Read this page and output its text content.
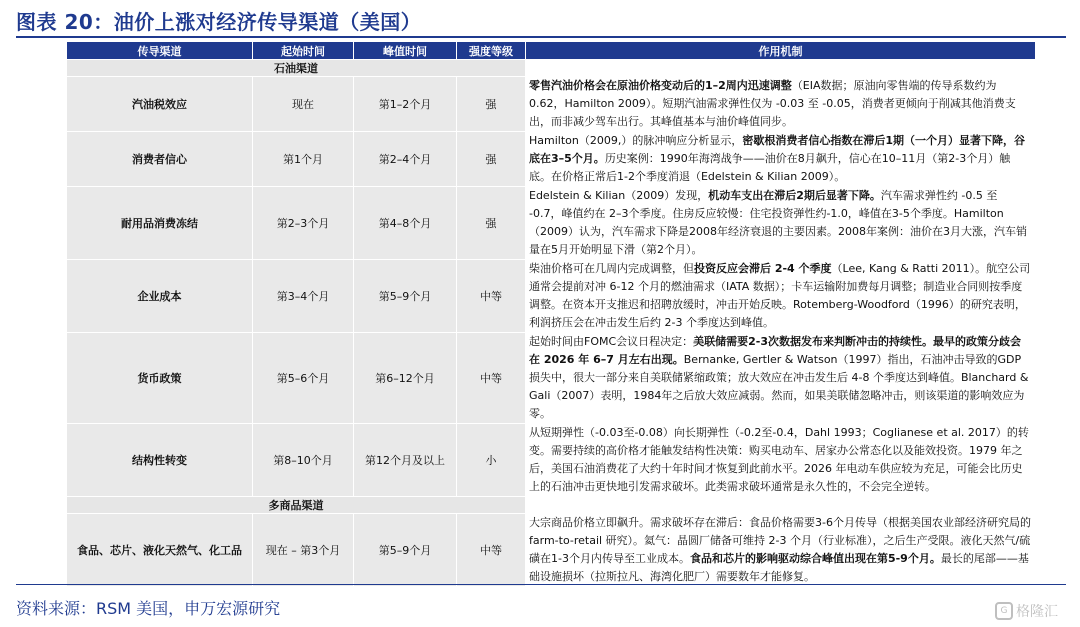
图表 20：油价上涨对经济传导渠道（美国）
传导渠道	起始时间	峰值时间	强度等级	作用机制
石油渠道				
汽油税效应	现在	第1–2个月	强	零售汽油价格会在原油价格变动后的1–2周内迅速调整（EIA数据；原油向零售端的传导系数约为0.62，Hamilton 2009）。短期汽油需求弹性仅为 -0.03 至 -0.05，消费者更倾向于削减其他消费支出，而非减少驾车出行。其峰值基本与油价峰值同步。
消费者信心	第1个月	第2–4个月	强	Hamilton（2009,）的脉冲响应分析显示，密歇根消费者信心指数在滞后1期（一个月）显著下降，谷底在3–5个月。历史案例：1990年海湾战争——油价在8月飙升，信心在10–11月（第2-3个月）触底。在价格正常后1-2个季度消退（Edelstein & Kilian 2009）。
耐用品消费冻结	第2–3个月	第4–8个月	强	Edelstein & Kilian（2009）发现，机动车支出在滞后2期后显著下降。汽车需求弹性约 -0.5 至 -0.7，峰值约在 2–3个季度。住房反应较慢：住宅投资弹性约-1.0，峰值在3-5个季度。Hamilton（2009）认为，汽车需求下降是2008年经济衰退的主要因素。2008年案例：油价在3月大涨，汽车销量在5月开始明显下滑（第2个月）。
企业成本	第3–4个月	第5–9个月	中等	柴油价格可在几周内完成调整，但投资反应会滞后 2-4 个季度（Lee, Kang & Ratti 2011）。航空公司通常会提前对冲 6-12 个月的燃油需求（IATA 数据）；卡车运输附加费每月调整；制造业合同则按季度调整。在资本开支推迟和招聘放缓时，冲击开始反映。Rotemberg-Woodford（1996）的研究表明，利润挤压会在冲击发生后约 2-3 个季度达到峰值。
货币政策	第5–6个月	第6–12个月	中等	起始时间由FOMC会议日程决定：美联储需要2-3次数据发布来判断冲击的持续性。最早的政策分歧会在 2026 年 6–7 月左右出现。Bernanke, Gertler & Watson（1997）指出，石油冲击导致的GDP损失中，很大一部分来自美联储紧缩政策；放大效应在冲击发生后 4-8 个季度达到峰值。Blanchard & Gali（2007）表明，1984年之后放大效应减弱。然而，如果美联储忽略冲击，则该渠道的影响效应为零。
结构性转变	第8–10个月	第12个月及以上	小	从短期弹性（-0.03至-0.08）向长期弹性（-0.2至-0.4，Dahl 1993；Coglianese et al. 2017）的转变。需要持续的高价格才能触发结构性决策：购买电动车、居家办公常态化以及能效投资。1979 年之后，美国石油消费花了大约十年时间才恢复到此前水平。2026 年电动车供应较为充足，可能会比历史上的石油冲击更快地引发需求破坏。此类需求破坏通常是永久性的，不会完全逆转。
多商品渠道				
食品、芯片、液化天然气、化工品	现在 – 第3个月	第5–9个月	中等	大宗商品价格立即飙升。需求破坏存在滞后：食品价格需要3-6个月传导（根据美国农业部经济研究局的 farm-to-retail 研究）。氦气：晶圆厂储备可维持 2-3 个月（行业标准），之后生产受限。液化天然气/硫磺在1-3个月内传导至工业成本。食品和芯片的影响驱动综合峰值出现在第5-9个月。最长的尾部——基础设施损坏（拉斯拉凡、海湾化肥厂）需要数年才能修复。
资料来源：RSM 美国，申万宏源研究	G 格隆汇
